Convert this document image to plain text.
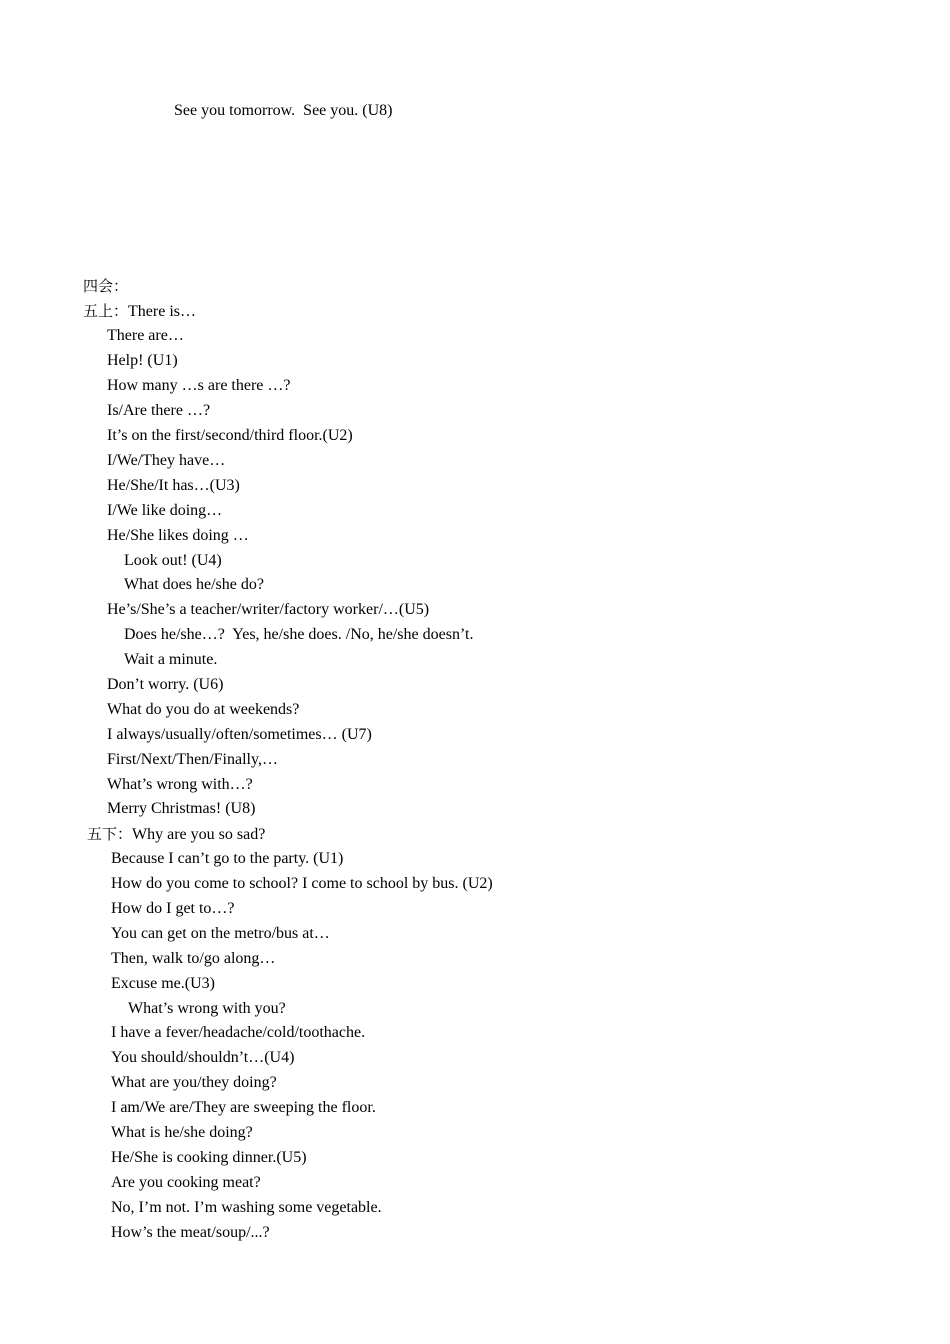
See you tomorrow.  See you. (U8)
四会：
五上：There is…
There are…
Help! (U1)
How many …s are there …?
Is/Are there …?
It’s on the first/second/third floor.(U2)
I/We/They have…
He/She/It has…(U3)
I/We like doing…
He/She likes doing …
Look out! (U4)
What does he/she do?
He’s/She’s a teacher/writer/factory worker/…(U5)
Does he/she…?  Yes, he/she does. /No, he/she doesn’t.
Wait a minute.
Don’t worry. (U6)
What do you do at weekends?
I always/usually/often/sometimes… (U7)
First/Next/Then/Finally,…
What’s wrong with…?
Merry Christmas! (U8)
五下：Why are you so sad?
Because I can’t go to the party. (U1)
How do you come to school? I come to school by bus. (U2)
How do I get to…?
You can get on the metro/bus at…
Then, walk to/go along…
Excuse me.(U3)
What’s wrong with you?
I have a fever/headache/cold/toothache.
You should/shouldn’t…(U4)
What are you/they doing?
I am/We are/They are sweeping the floor.
What is he/she doing?
He/She is cooking dinner.(U5)
Are you cooking meat?
No, I’m not. I’m washing some vegetable.
How’s the meat/soup/...?
